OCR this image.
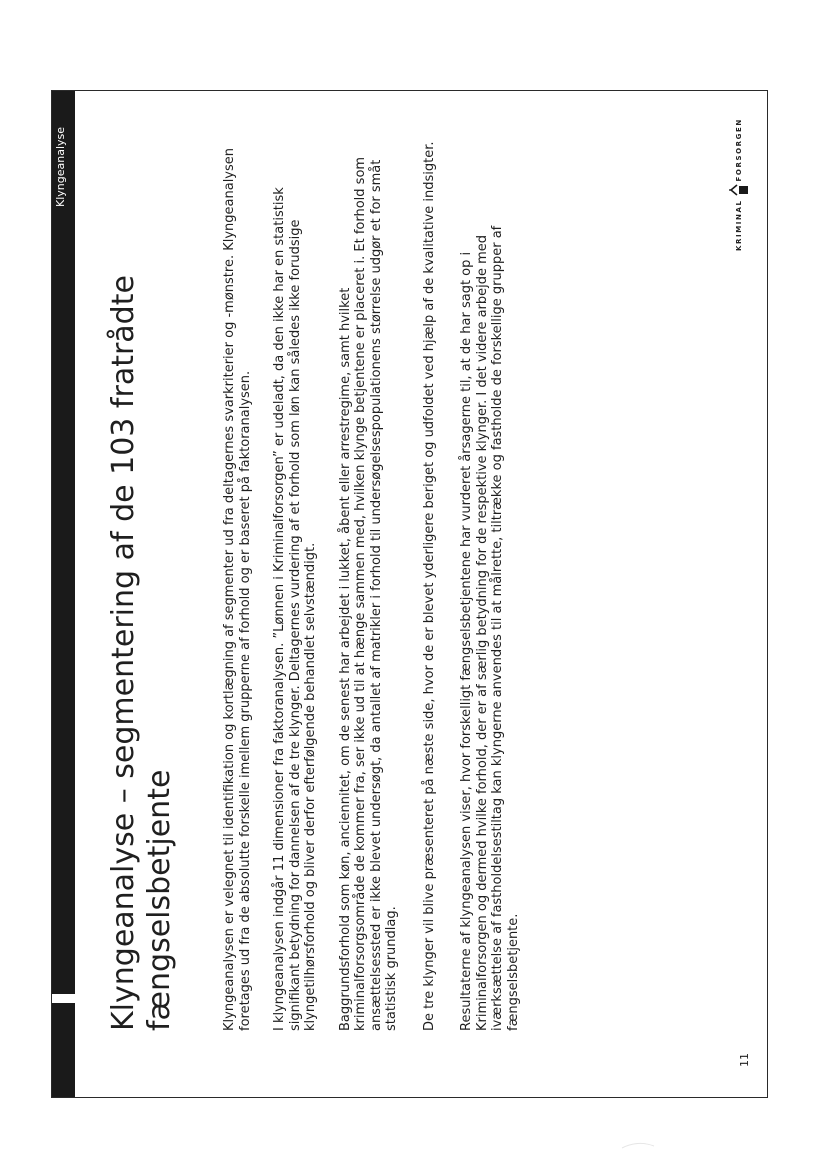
Klyngeanalyse
Klyngeanalyse – segmentering af de 103 fratrådte fængselsbetjente	Klyngeanalysen er velegnet til identifikation og kortlægning af segmenter ud fra deltagernes svarkriterier og -mønstre. Klyngeanalysen foretages ud fra de absolutte forskelle imellem grupperne af forhold og er baseret på faktoranalysen. I klyngeanalysen indgår 11 dimensioner fra faktoranalysen. ”Lønnen i Kriminalforsorgen” er udeladt, da den ikke har en statistisk signifikant betydning for dannelsen af de tre klynger. Deltagernes vurdering af et forhold som løn kan således ikke forudsige klyngetilhørsforhold og bliver derfor efterfølgende behandlet selvstændigt. Baggrundsforhold som køn, anciennitet, om de senest har arbejdet i lukket, åbent eller arrestregime, samt hvilket kriminalforsorgsområde de kommer fra, ser ikke ud til at hænge sammen med, hvilken klynge betjentene er placeret i. Et forhold som ansættelsessted er ikke blevet undersøgt, da antallet af matrikler i forhold til undersøgelsespopulationens størrelse udgør et for småt statistisk grundlag. De tre klynger vil blive præsenteret på næste side, hvor de er blevet yderligere beriget og udfoldet ved hjælp af de kvalitative indsigter. Resultaterne af klyngeanalysen viser, hvor forskelligt fængselsbetjentene har vurderet årsagerne til, at de har sagt op i Kriminalforsorgen og dermed hvilke forhold, der er af særlig betydning for de respektive klynger. I det videre arbejde med iværksættelse af fastholdelsestiltag kan klyngerne anvendes til at målrette, tiltrække og fastholde de forskellige grupper af fængselsbetjente.

11
KRIMINAL
FORSORGEN
